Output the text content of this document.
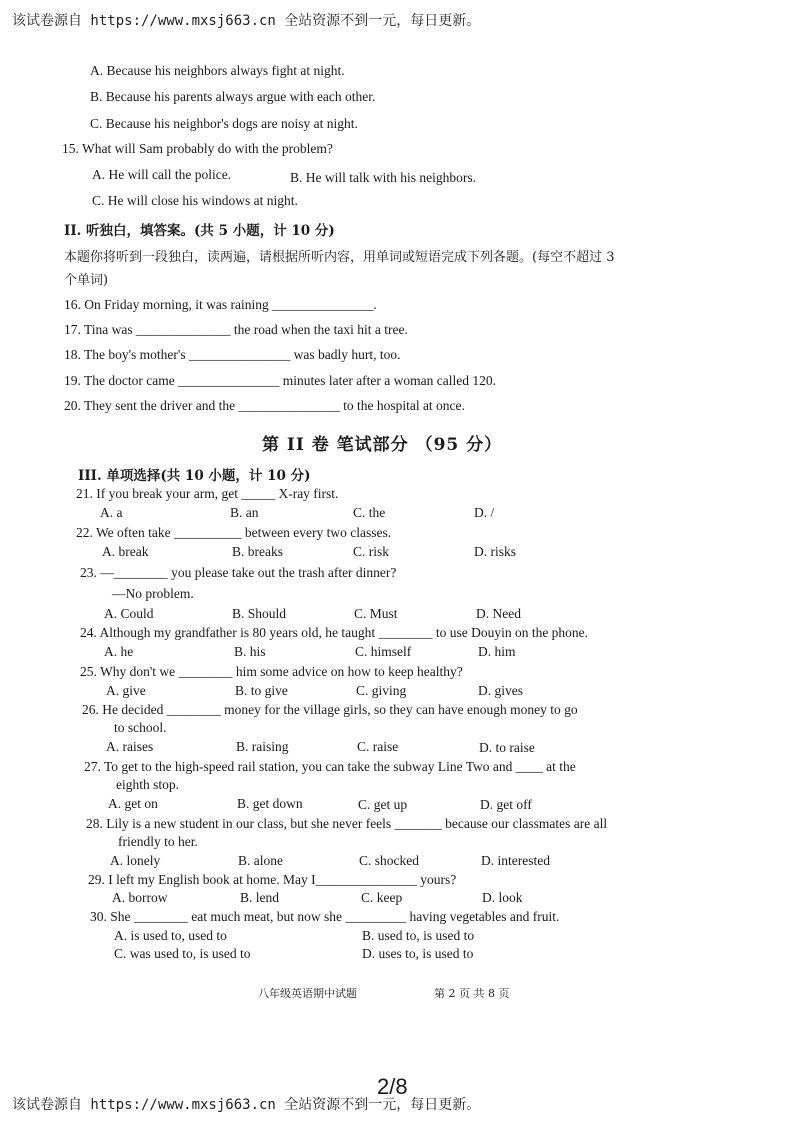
该试卷源自 https://www.mxsj663.cn 全站资源不到一元，每日更新。
A. Because his neighbors always fight at night.
B. Because his parents always argue with each other.
C. Because his neighbor's dogs are noisy at night.
15. What will Sam probably do with the problem?
A. He will call the police.	B. He will talk with his neighbors.
C. He will close his windows at night.
II. 听独白，填答案。(共 5 小题，计 10 分)
本题你将听到一段独白，读两遍，请根据所听内容，用单词或短语完成下列各题。(每空不超过 3
个单词)
16. On Friday morning, it was raining _______________.
17. Tina was ______________ the road when the taxi hit a tree.
18. The boy's mother's _______________ was badly hurt, too.
19. The doctor came _______________ minutes later after a woman called 120.
20. They sent the driver and the _______________ to the hospital at once.
第 II 卷 笔试部分 （95 分）
III. 单项选择(共 10 小题，计 10 分)
21. If you break your arm, get _____ X-ray first.
A. a	B. an	C. the	D. /
22. We often take __________ between every two classes.
A. break	B. breaks	C. risk	D. risks
23. —________ you please take out the trash after dinner?
—No problem.
A. Could	B. Should	C. Must	D. Need
24. Although my grandfather is 80 years old, he taught ________ to use Douyin on the phone.
A. he	B. his	C. himself	D. him
25. Why don't we ________ him some advice on how to keep healthy?
A. give	B. to give	C. giving	D. gives
26. He decided ________ money for the village girls, so they can have enough money to go
to school.
A. raises	B. raising	C. raise	D. to raise
27. To get to the high-speed rail station, you can take the subway Line Two and ____ at the
eighth stop.
A. get on	B. get down	C. get up	D. get off
28. Lily is a new student in our class, but she never feels _______ because our classmates are all
friendly to her.
A. lonely	B. alone	C. shocked	D. interested
29. I left my English book at home. May I_______________ yours?
A. borrow	B. lend	C. keep	D. look
30. She ________ eat much meat, but now she _________ having vegetables and fruit.
A. is used to, used to	B. used to, is used to
C. was used to, is used to	D. uses to, is used to
八年级英语期中试题	第 2 页 共 8 页
2/8
该试卷源自 https://www.mxsj663.cn 全站资源不到一元，每日更新。
